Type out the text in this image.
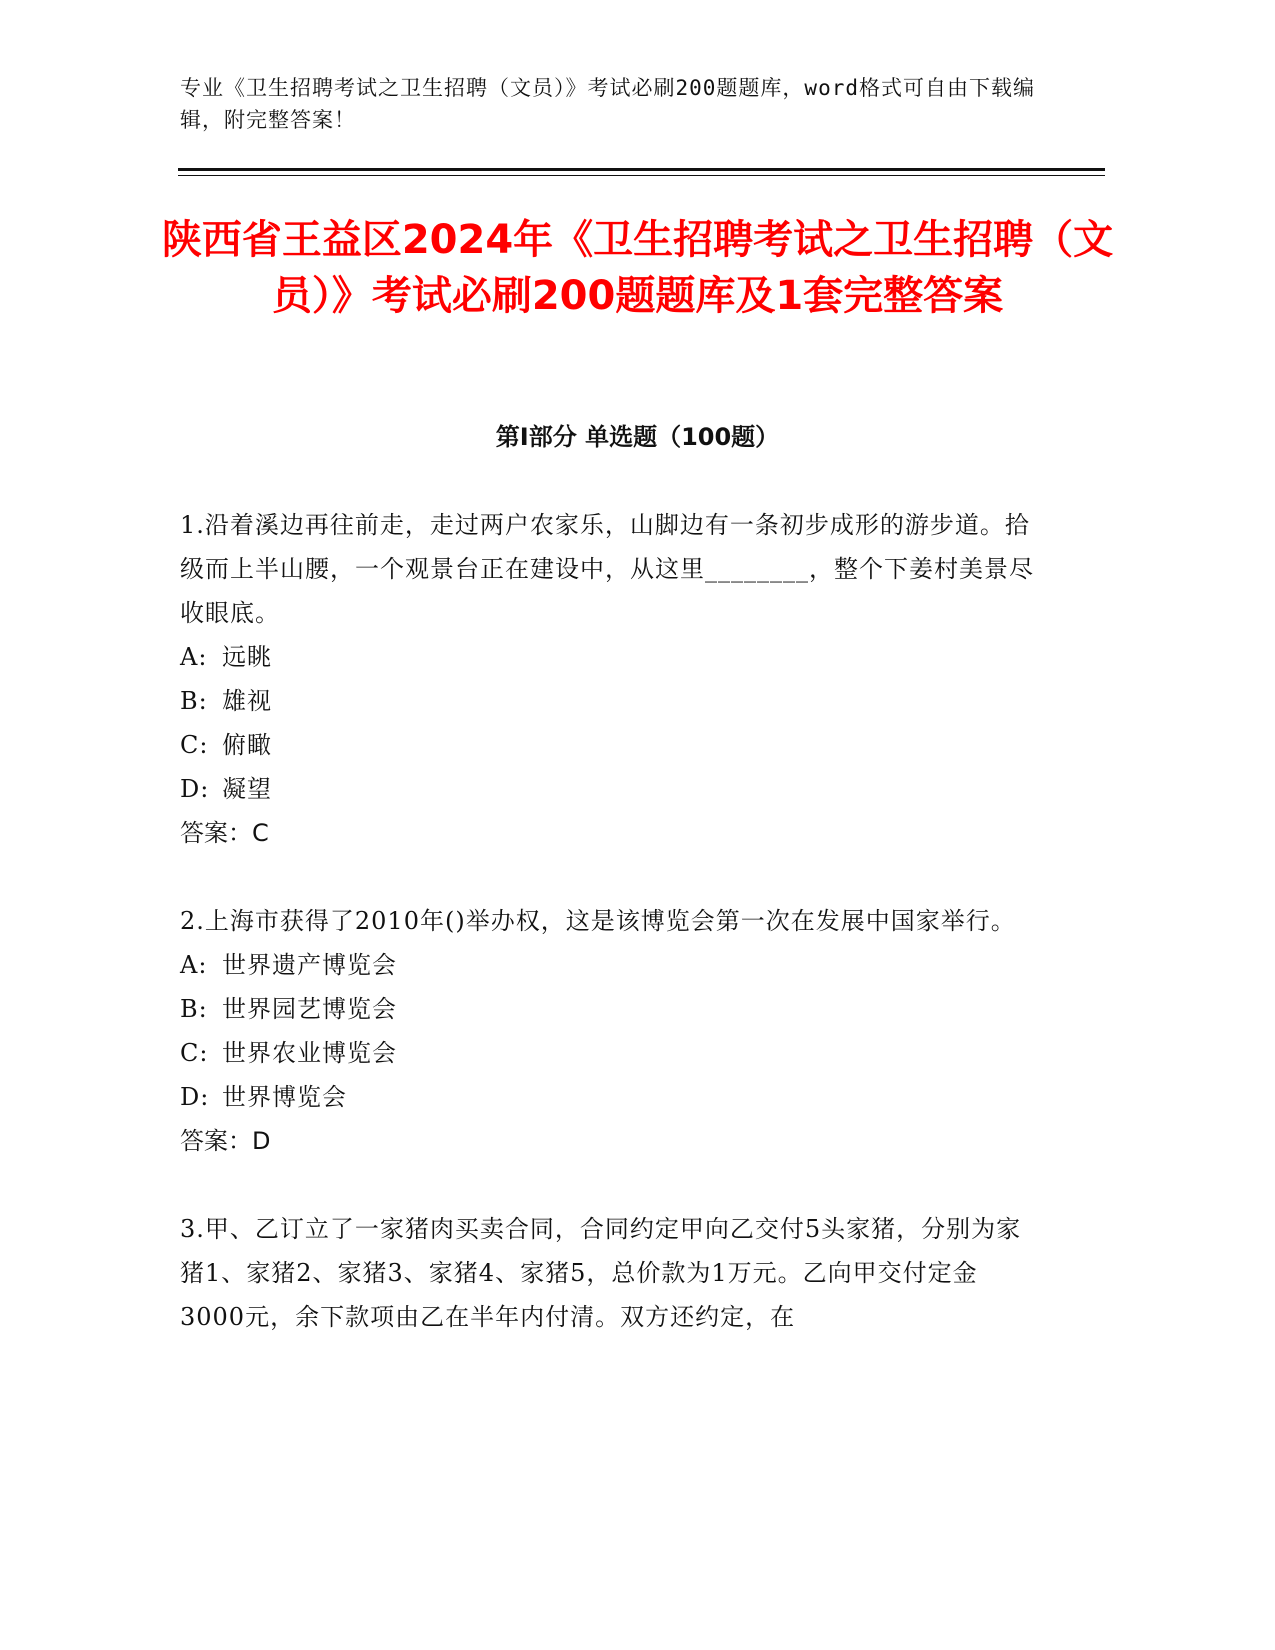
专业《卫生招聘考试之卫生招聘（文员）》考试必刷200题题库，word格式可自由下载编辑，附完整答案！
陕西省王益区2024年《卫生招聘考试之卫生招聘（文员）》考试必刷200题题库及1套完整答案
第I部分 单选题（100题）

1.沿着溪边再往前走，走过两户农家乐，山脚边有一条初步成形的游步道。拾级而上半山腰，一个观景台正在建设中，从这里________，整个下姜村美景尽收眼底。

A: 远眺

B: 雄视

C: 俯瞰

D: 凝望

答案：C

2.上海市获得了2010年()举办权，这是该博览会第一次在发展中国家举行。

A: 世界遗产博览会

B: 世界园艺博览会

C: 世界农业博览会

D: 世界博览会

答案：D

3.甲、乙订立了一家猪肉买卖合同，合同约定甲向乙交付5头家猪，分别为家猪1、家猪2、家猪3、家猪4、家猪5，总价款为1万元。乙向甲交付定金3000元，余下款项由乙在半年内付清。双方还约定，在
